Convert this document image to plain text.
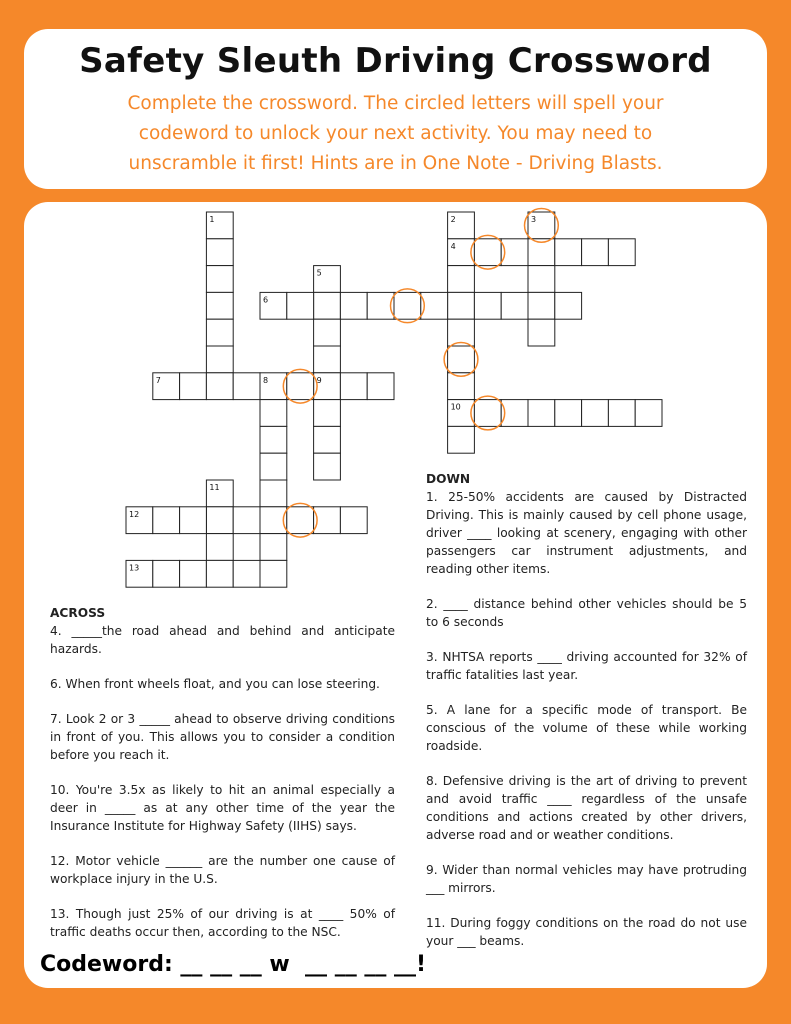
Safety Sleuth Driving Crossword
Complete the crossword. The circled letters will spell your
codeword to unlock your next activity. You may need to
unscramble it first! Hints are in One Note - Driving Blasts.
1	2
4
10
3
5
9
6
7	8
11
12
13
DOWN

1. 25-50% accidents are caused by Distracted Driving. This is mainly caused by cell phone usage, driver ____ looking at scenery, engaging with other passengers car instrument adjustments, and reading other items.

2. ____ distance behind other vehicles should be 5 to 6 seconds

3. NHTSA reports ____ driving accounted for 32% of traffic fatalities last year.

5. A lane for a specific mode of transport. Be conscious of the volume of these while working roadside.

8. Defensive driving is the art of driving to prevent and avoid traffic ____ regardless of the unsafe conditions and actions created by other drivers, adverse road and or weather conditions.

9. Wider than normal vehicles may have protruding ___ mirrors.

11. During foggy conditions on the road do not use your ___ beams.

ACROSS

4. _____the road ahead and behind and anticipate hazards.

6. When front wheels float, and you can lose steering.

7. Look 2 or 3 _____ ahead to observe driving conditions in front of you. This allows you to consider a condition before you reach it.

10. You're 3.5x as likely to hit an animal especially a deer in _____ as at any other time of the year the Insurance Institute for Highway Safety (IIHS) says.

12. Motor vehicle ______ are the number one cause of workplace injury in the U.S.

13. Though just 25% of our driving is at ____ 50% of traffic deaths occur then, according to the NSC.

Codeword: __ __ __ w  __ __ __ __!
